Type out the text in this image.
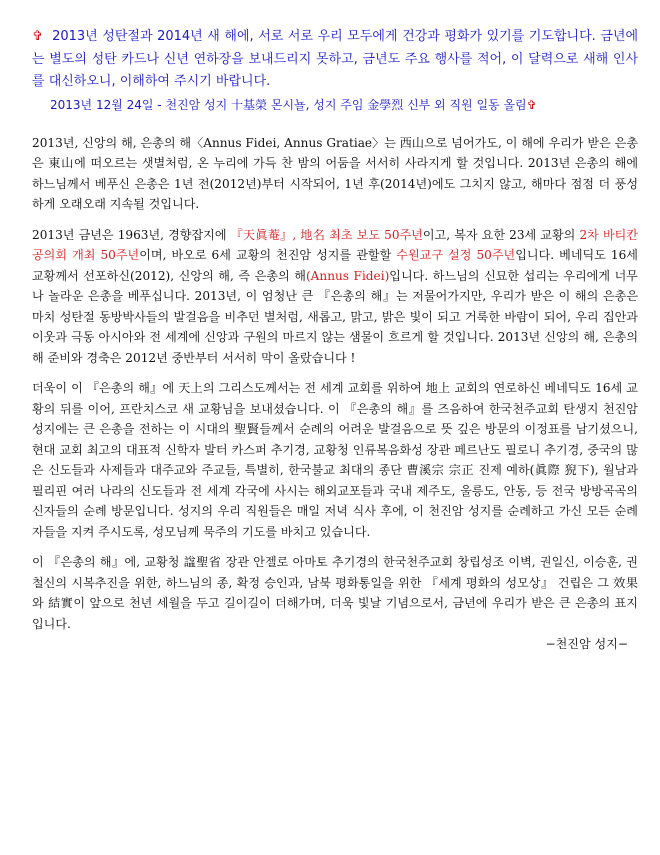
✞ 2013년 성탄절과 2014년 새 해에, 서로 서로 우리 모두에게 건강과 평화가 있기를 기도합니다. 금년에는 별도의 성탄 카드나 신년 연하장을 보내드리지 못하고, 금년도 주요 행사를 적어, 이 달력으로 새해 인사를 대신하오니, 이해하여 주시기 바랍니다.

2013년 12월 24일 - 천진암 성지 十基榮 몬시뇰, 성지 주임 金學烈 신부 외 직원 일동 올림✞

2013년, 신앙의 해, 은총의 해〈Annus Fidei, Annus Gratiae〉는 西山으로 넘어가도, 이 해에 우리가 받은 은총은 東山에 떠오르는 샛별처럼, 온 누리에 가득 찬 밤의 어둠을 서서히 사라지게 할 것입니다. 2013년 은총의 해에 하느님께서 베푸신 은총은 1년 전(2012년)부터 시작되어, 1년 후(2014년)에도 그치지 않고, 해마다 점점 더 풍성하게 오래오래 지속될 것입니다.

2013년 금년은 1963년, 경향잡지에 『天眞菴』, 地名 최초 보도 50주년이고, 복자 요한 23세 교황의 2차 바티칸 공의회 개최 50주년이며, 바오로 6세 교황의 천진암 성지를 관할할 수원교구 설정 50주년입니다. 베네딕도 16세 교황께서 선포하신(2012), 신앙의 해, 즉 은총의 해(Annus Fidei)입니다. 하느님의 신묘한 섭리는 우리에게 너무나 놀라운 은총을 베푸십니다. 2013년, 이 엄청난 큰 『은총의 해』는 저물어가지만, 우리가 받은 이 해의 은총은 마치 성탄절 동방박사들의 발걸음을 비추던 별처럼, 새롭고, 맑고, 밝은 빛이 되고 거룩한 바람이 되어, 우리 집안과 이웃과 극동 아시아와 전 세계에 신앙과 구원의 마르지 않는 샘물이 흐르게 할 것입니다. 2013년 신앙의 해, 은총의 해 준비와 경축은 2012년 중반부터 서서히 막이 올랐습니다 !

더욱이 이 『은총의 해』에 天上의 그리스도께서는 전 세계 교회를 위하여 地上 교회의 연로하신 베네딕도 16세 교황의 뒤를 이어, 프란치스코 새 교황님을 보내셨습니다. 이 『은총의 해』를 즈음하여 한국천주교회 탄생지 천진암 성지에는 큰 은총을 전하는 이 시대의 聖賢들께서 순례의 어려운 발걸음으로 뜻 깊은 방문의 이정표를 남기셨으니, 현대 교회 최고의 대표적 신학자 발터 카스퍼 추기경, 교황청 인류복음화성 장관 페르난도 필로니 추기경, 중국의 많은 신도들과 사제들과 대주교와 주교들, 특별히, 한국불교 최대의 종단 曹溪宗 宗正 진제 예하(眞際 猊下), 월남과 필리핀 여러 나라의 신도들과 전 세계 각국에 사시는 해외교포들과 국내 제주도, 울릉도, 안동, 등 전국 방방곡곡의 신자들의 순례 방문입니다. 성지의 우리 직원들은 매일 저녁 식사 후에, 이 천진암 성지를 순례하고 가신 모든 순례자들을 지켜 주시도록, 성모님께 묵주의 기도를 바치고 있습니다.

이 『은총의 해』에, 교황청 諡聖省 장관 안젤로 아마토 추기경의 한국천주교회 창립성조 이벽, 권일신, 이승훈, 권철신의 시복추진을 위한, 하느님의 종, 확정 승인과, 남북 평화통일을 위한 『세계 평화의 성모상』 건립은 그 效果와 結實이 앞으로 천년 세월을 두고 길이길이 더해가며, 더욱 빛날 기념으로서, 금년에 우리가 받은 큰 은총의 표지입니다.

−천진암 성지−
